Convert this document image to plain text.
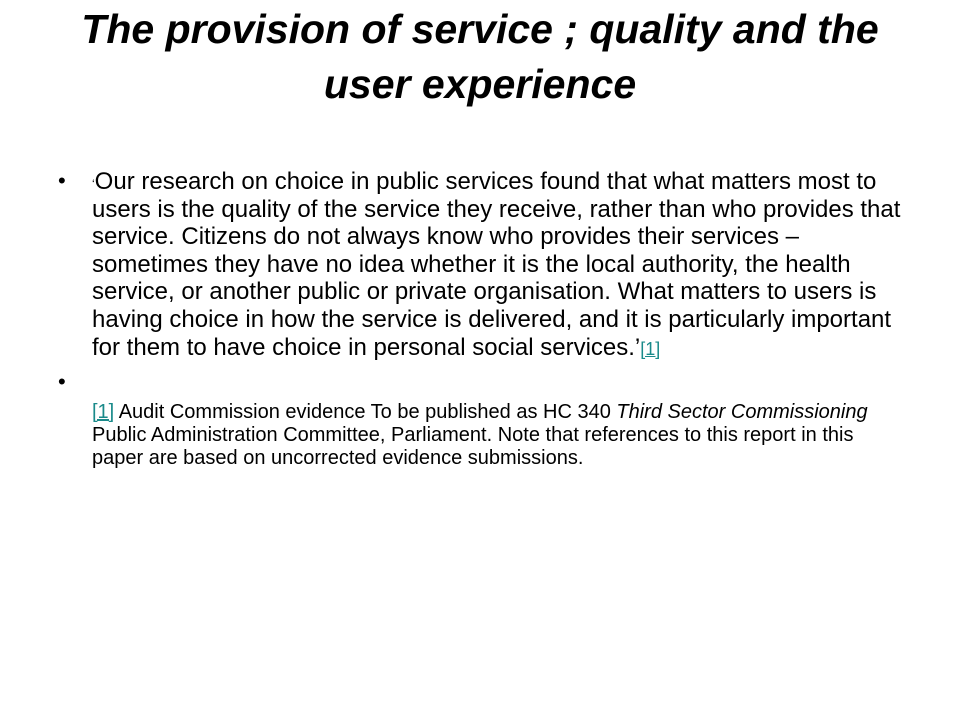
The provision of service ; quality and the user experience
• ‘Our research on choice in public services found that what matters most to users is the quality of the service they receive, rather than who provides that service. Citizens do not always know who provides their services – sometimes they have no idea whether it is the local authority, the health service, or another public or private organisation. What matters to users is having choice in how the service is delivered, and it is particularly important for them to have choice in personal social services.’[1]
•
[1] Audit Commission evidence To be published as HC 340 Third Sector Commissioning Public Administration Committee, Parliament. Note that references to this report in this paper are based on uncorrected evidence submissions.
